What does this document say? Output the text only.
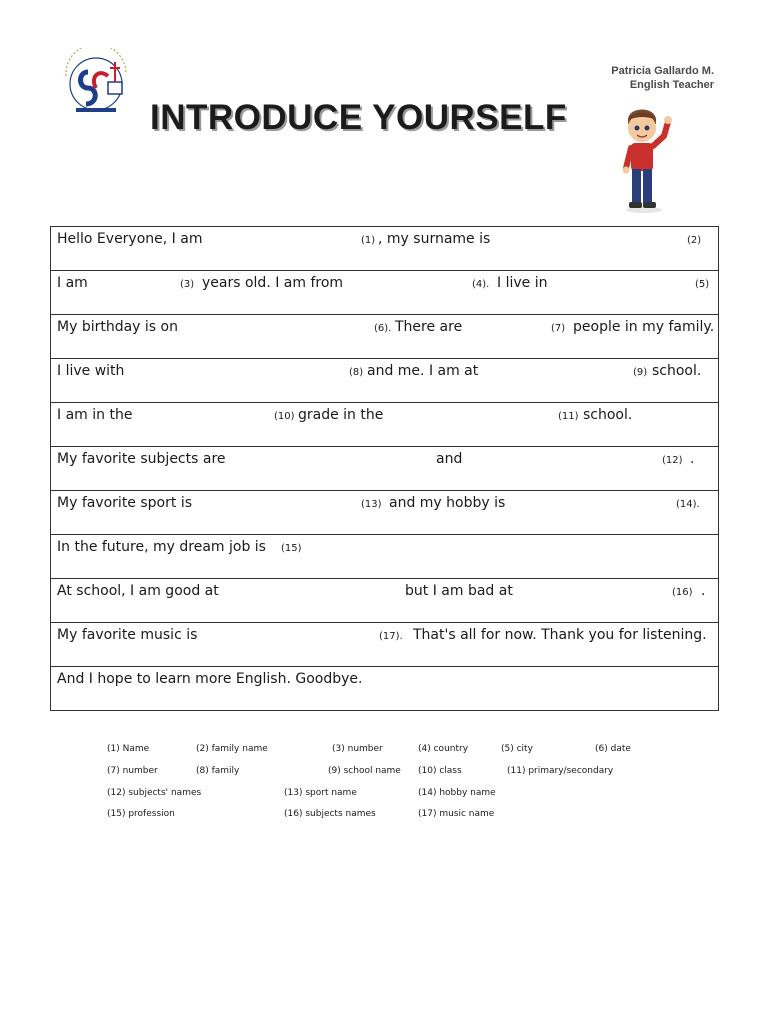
Patricia Gallardo M.
English Teacher
INTRODUCE YOURSELF
Hello Everyone, I am	(1) , my surname is	(2)

I am	(3) years old. I am from	(4). I live in	(5)

My birthday is on	(6). There are	(7) people in my family.

I live with	(8) and me. I am at	(9) school.

I am in the	(10) grade in the	(11) school.

My favorite subjects are	and	(12) .

My favorite sport is	(13) and my hobby is	(14).

In the future, my dream job is (15)

At school, I am good at	but I am bad at	(16) .

My favorite music is	(17). That's all for now. Thank you for listening.

And I hope to learn more English. Goodbye.
(1) Name	(2) family name	(3) number	(4) country	(5) city	(6) date
(7) number	(8) family	(9) school name (10) class	(11) primary/secondary
(12) subjects' names	(13) sport name	(14) hobby name
(15) profession	(16) subjects names	(17) music name
